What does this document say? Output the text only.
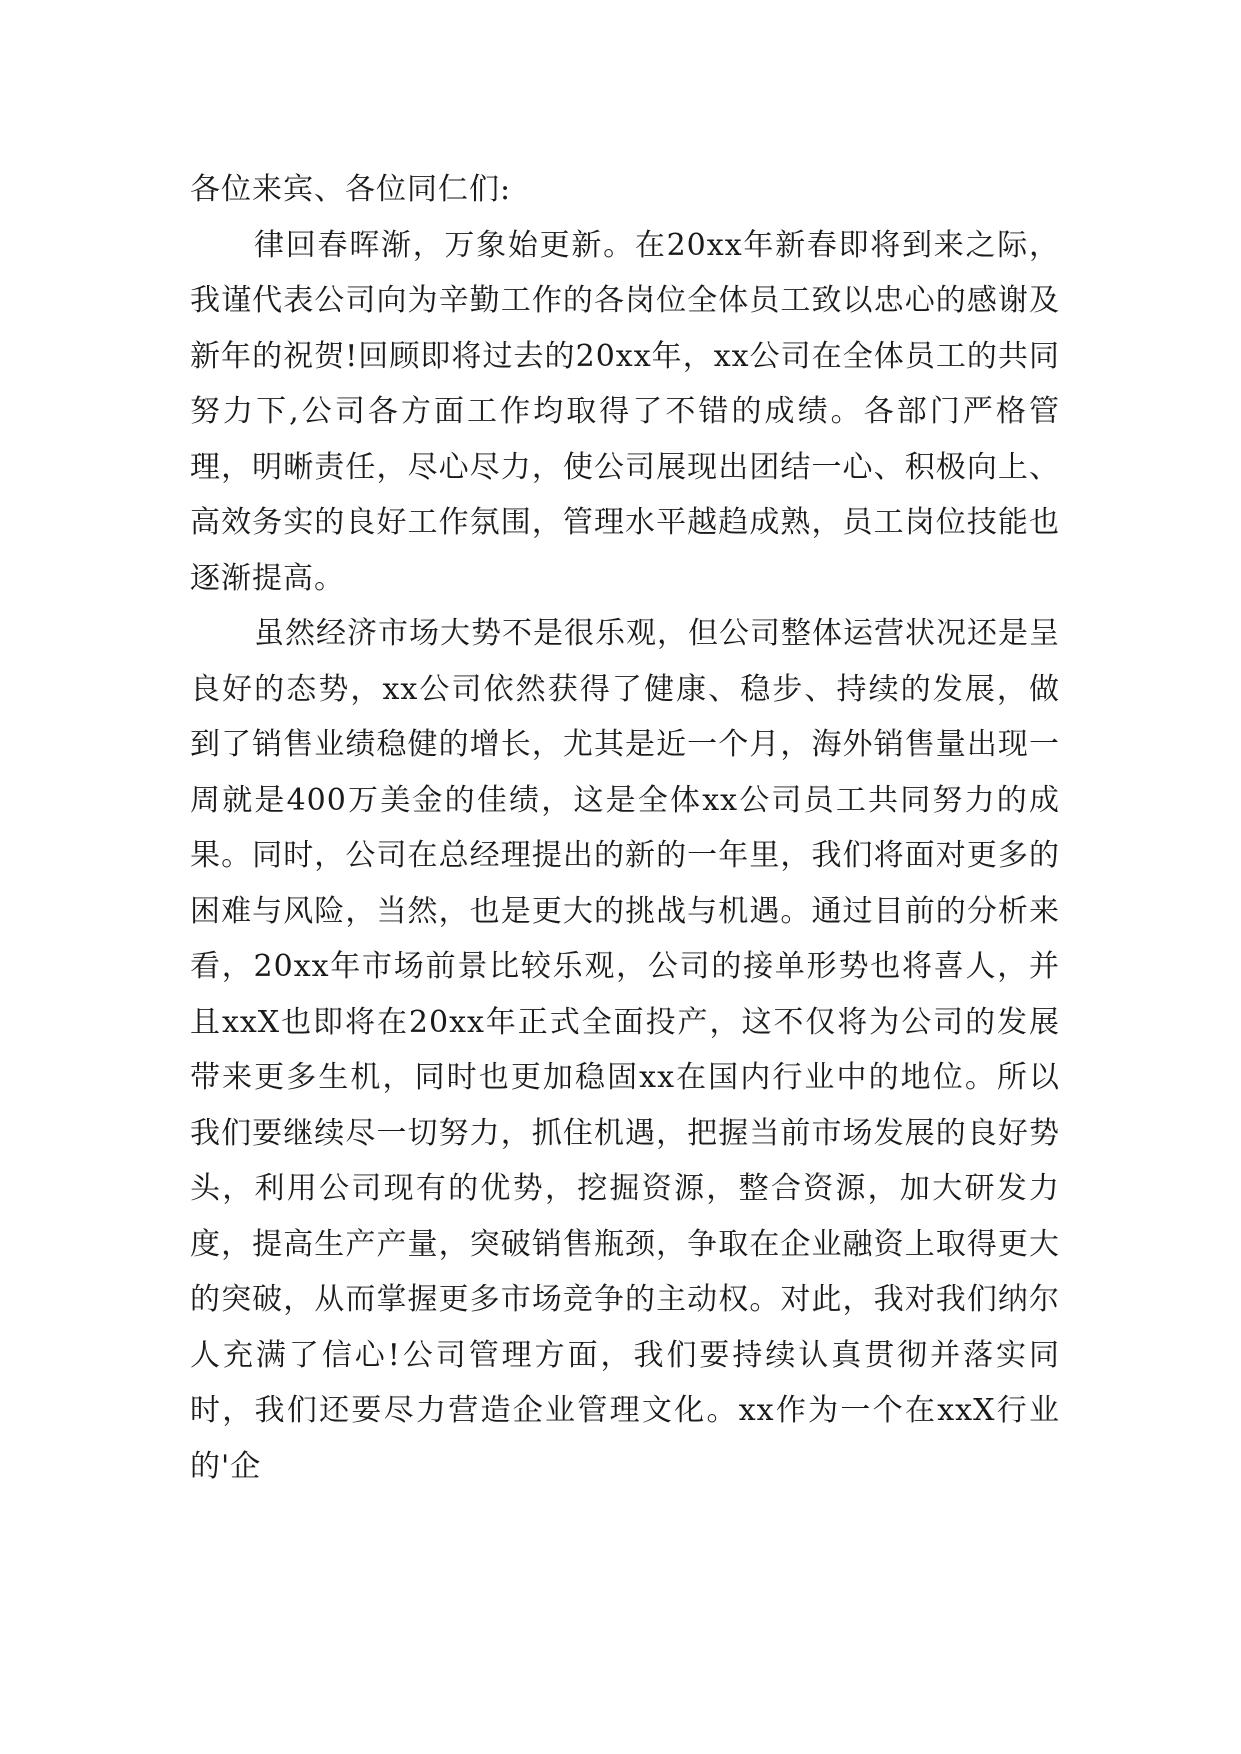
各位来宾、各位同仁们:

律回春晖渐，万象始更新。在20xx年新春即将到来之际，我谨代表公司向为辛勤工作的各岗位全体员工致以忠心的感谢及新年的祝贺!回顾即将过去的20xx年，xx公司在全体员工的共同努力下,公司各方面工作均取得了不错的成绩。各部门严格管理，明晰责任，尽心尽力，使公司展现出团结一心、积极向上、高效务实的良好工作氛围，管理水平越趋成熟，员工岗位技能也逐渐提高。

虽然经济市场大势不是很乐观，但公司整体运营状况还是呈良好的态势，xx公司依然获得了健康、稳步、持续的发展，做到了销售业绩稳健的增长，尤其是近一个月，海外销售量出现一周就是400万美金的佳绩，这是全体xx公司员工共同努力的成果。同时，公司在总经理提出的新的一年里，我们将面对更多的困难与风险，当然，也是更大的挑战与机遇。通过目前的分析来看，20xx年市场前景比较乐观，公司的接单形势也将喜人，并且xxX也即将在20xx年正式全面投产，这不仅将为公司的发展带来更多生机，同时也更加稳固xx在国内行业中的地位。所以我们要继续尽一切努力，抓住机遇，把握当前市场发展的良好势头，利用公司现有的优势，挖掘资源，整合资源，加大研发力度，提高生产产量，突破销售瓶颈，争取在企业融资上取得更大的突破，从而掌握更多市场竞争的主动权。对此，我对我们纳尔人充满了信心!公司管理方面，我们要持续认真贯彻并落实同时，我们还要尽力营造企业管理文化。xx作为一个在xxX行业的'企
